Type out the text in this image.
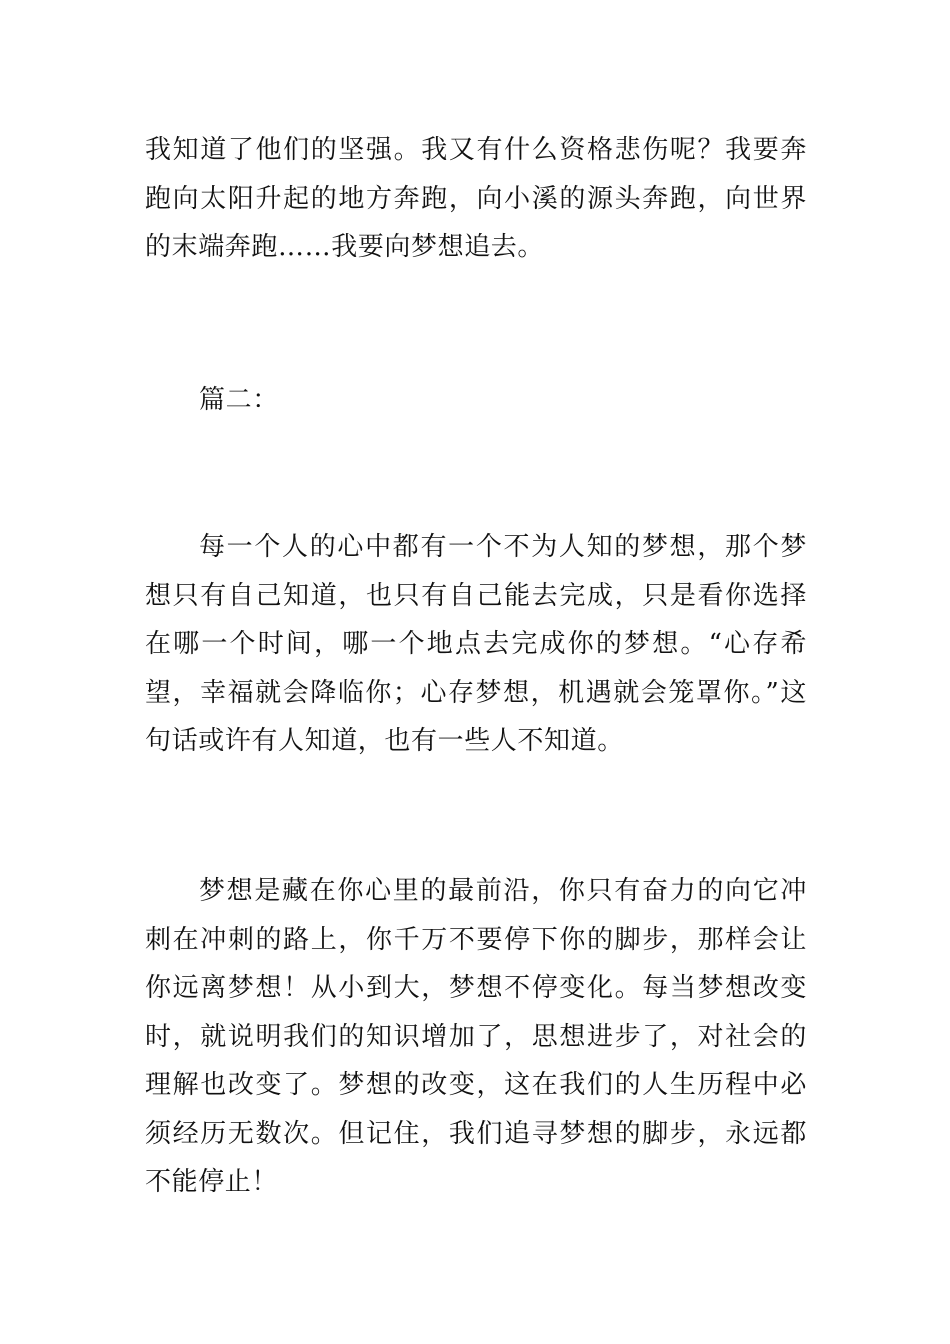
我知道了他们的坚强。我又有什么资格悲伤呢？我要奔跑向太阳升起的地方奔跑，向小溪的源头奔跑，向世界的末端奔跑……我要向梦想追去。

篇二：

每一个人的心中都有一个不为人知的梦想，那个梦想只有自己知道，也只有自己能去完成，只是看你选择在哪一个时间，哪一个地点去完成你的梦想。“心存希望，幸福就会降临你；心存梦想，机遇就会笼罩你。”这句话或许有人知道，也有一些人不知道。

梦想是藏在你心里的最前沿，你只有奋力的向它冲刺在冲刺的路上，你千万不要停下你的脚步，那样会让你远离梦想！从小到大，梦想不停变化。每当梦想改变时，就说明我们的知识增加了，思想进步了，对社会的理解也改变了。梦想的改变，这在我们的人生历程中必须经历无数次。但记住，我们追寻梦想的脚步，永远都不能停止！
